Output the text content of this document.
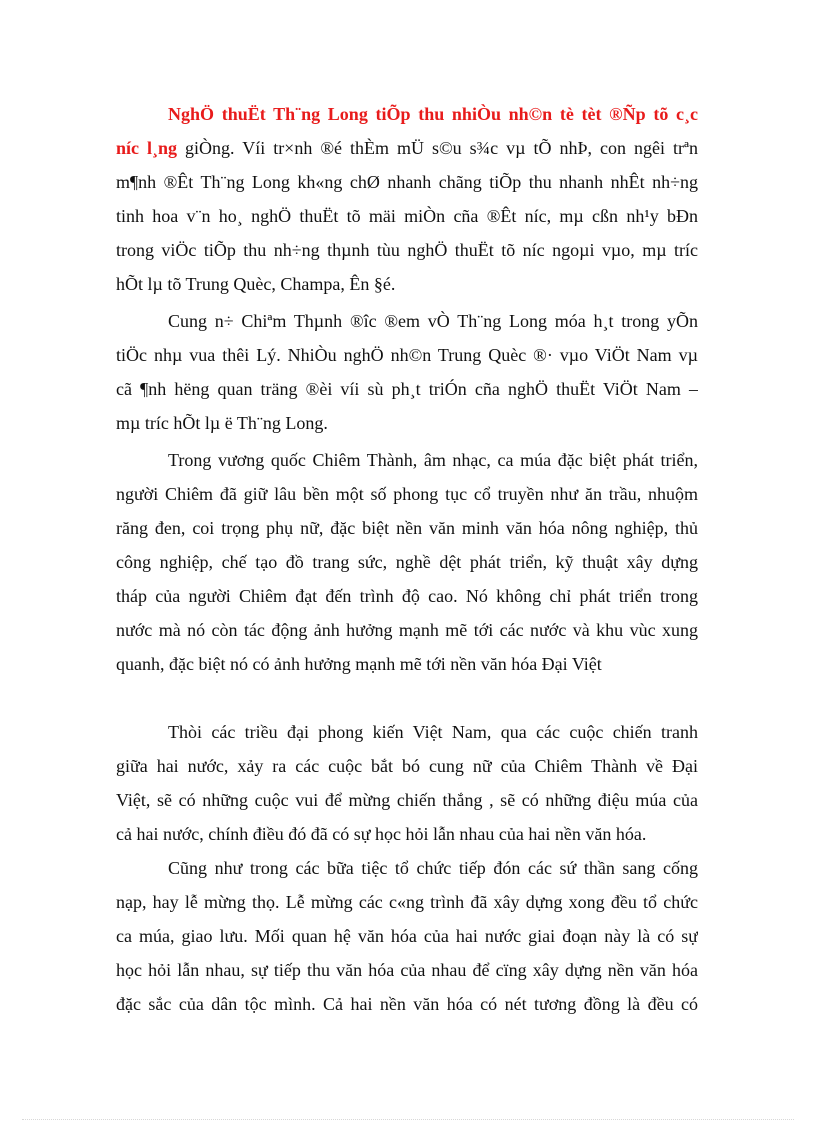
NghÖ thuËt Th¨ng Long tiÕp thu nhiÒu nh©n tè tèt ®Ñp tõ c¸c
níc l¸ng giÒng. Víi tr×nh ®é thÈm mÜ s©u s¾c vµ tÕ nhÞ, con ngêi trªn
m¶nh ®Êt Th¨ng Long kh«ng chØ nhanh chãng tiÕp thu nhanh nhÊt nh÷ng
tinh hoa v¨n ho¸ nghÖ thuËt tõ mäi miÒn cña ®Êt níc, mµ cßn nh¹y bÐn
trong viÖc tiÕp thu nh÷ng thµnh tùu nghÖ thuËt tõ níc ngoµi vµo, mµ tríc
hÕt lµ tõ Trung Quèc, Champa, Ên §é.
Cung n÷ Chiªm Thµnh ®îc ®em vÒ Th¨ng Long móa h¸t trong yÕn
tiÖc nhµ vua thêi Lý. NhiÒu nghÖ nh©n Trung Quèc ®· vµo ViÖt Nam vµ
cã ¶nh hëng quan träng ®èi víi sù ph¸t triÓn cña nghÖ thuËt ViÖt Nam –
mµ tríc hÕt lµ ë Th¨ng Long.
Trong vương quốc Chiêm Thành, âm nhạc, ca múa đặc biệt phát triển,
người Chiêm đã giữ lâu bền một số phong tục cổ truyền như ăn trầu, nhuộm
răng đen, coi trọng phụ nữ, đặc biệt nền văn minh văn hóa nông nghiệp, thủ
công nghiệp, chế tạo đồ trang sức, nghề dệt phát triển, kỹ thuật xây dựng
tháp của người Chiêm đạt đến trình độ cao. Nó không chỉ phát triển trong
nước mà nó còn tác động ảnh hưởng mạnh mẽ tới các nước và khu vùc xung
quanh, đặc biệt nó có ảnh hưởng mạnh mẽ tới nền văn hóa Đại Việt
Thòi các triều đại phong kiến Việt Nam, qua các cuộc chiến tranh
giữa hai nước, xảy ra các cuộc bắt bó cung nữ của Chiêm Thành về Đại
Việt, sẽ có những cuộc vui để mừng chiến thắng , sẽ có những điệu múa của
cả hai nước, chính điều đó đã có sự học hỏi lẫn nhau của hai nền văn hóa.
Cũng như trong các bữa tiệc tổ chức tiếp đón các sứ thần sang cống
nạp, hay lễ mừng thọ. Lễ mừng các c«ng trình đã xây dựng xong đều tổ chức
ca múa, giao lưu. Mối quan hệ văn hóa của hai nước giai đoạn này là có sự
học hỏi lẫn nhau, sự tiếp thu văn hóa của nhau để cïng xây dựng nền văn hóa
đặc sắc của dân tộc mình. Cả hai nền văn hóa có nét tương đồng là đều có
